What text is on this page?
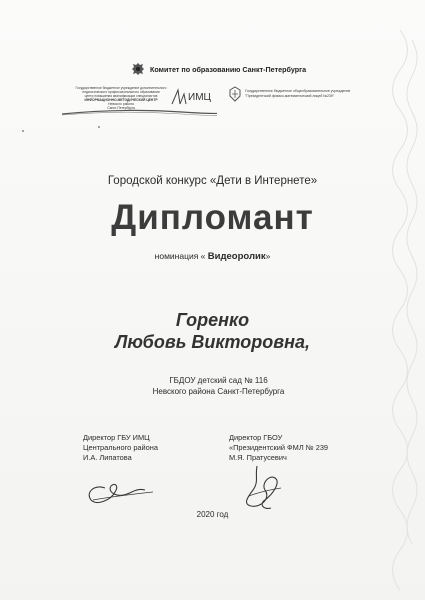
Комитет по образованию Санкт-Петербурга
Государственное бюджетное учреждение дополнительного
педагогического профессионального образования
центр повышения квалификации специалистов
ИНФОРМАЦИОННО-МЕТОДИЧЕСКИЙ ЦЕНТР
Невского района
Санкт-Петербурга
ИМЦ
Государственное бюджетное общеобразовательное учреждение
"Президентский физико-математический лицей №239"
Городской конкурс «Дети в Интернете»
Дипломант
номинация « Видеоролик»
Горенко
Любовь Викторовна,
ГБДОУ детский сад № 116
Невского района Санкт-Петербурга
Директор ГБУ ИМЦ
Центрального района
И.А. Липатова
Директор ГБОУ
«Президентский ФМЛ № 239
М.Я. Пратусевич
2020 год
